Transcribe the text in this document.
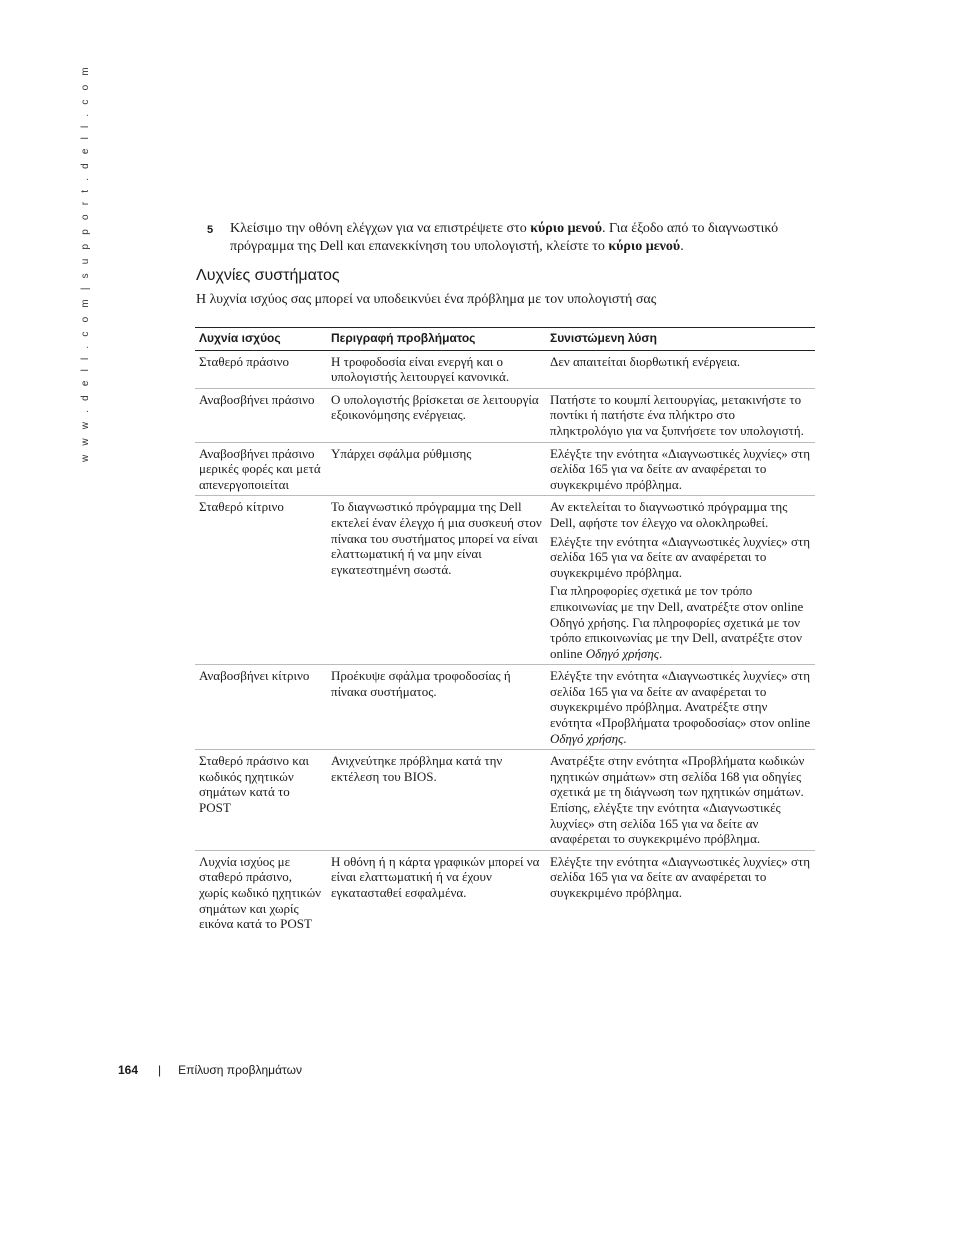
w w w . d e l l . c o m | s u p p o r t . d e l l . c o m	5 Κλείσιμο την οθόνη ελέγχων για να επιστρέψετε στο κύριο μενού. Για έξοδο από το διαγνωστικό πρόγραμμα της Dell και επανεκκίνηση του υπολογιστή, κλείστε το κύριο μενού.
Λυχνίες συστήματος
Η λυχνία ισχύος σας μπορεί να υποδεικνύει ένα πρόβλημα με τον υπολογιστή σας
Λυχνία ισχύος	Περιγραφή προβλήματος	Συνιστώμενη λύση
Σταθερό πράσινο	Η τροφοδοσία είναι ενεργή και ο υπολογιστής λειτουργεί κανονικά.	Δεν απαιτείται διορθωτική ενέργεια.

Αναβοσβήνει πράσινο	Ο υπολογιστής βρίσκεται σε λειτουργία εξοικονόμησης ενέργειας.	Πατήστε το κουμπί λειτουργίας, μετακινήστε το ποντίκι ή πατήστε ένα πλήκτρο στο πληκτρολόγιο για να ξυπνήσετε τον υπολογιστή.

Αναβοσβήνει πράσινο μερικές φορές και μετά απενεργοποιείται	Υπάρχει σφάλμα ρύθμισης	Ελέγξτε την ενότητα «Διαγνωστικές λυχνίες» στη σελίδα 165 για να δείτε αν αναφέρεται το συγκεκριμένο πρόβλημα.

Σταθερό κίτρινο	Το διαγνωστικό πρόγραμμα της Dell εκτελεί έναν έλεγχο ή μια συσκευή στον πίνακα του συστήματος μπορεί να είναι ελαττωματική ή να μην είναι εγκατεστημένη σωστά.	Αν εκτελείται το διαγνωστικό πρόγραμμα της Dell, αφήστε τον έλεγχο να ολοκληρωθεί.
Ελέγξτε την ενότητα «Διαγνωστικές λυχνίες» στη σελίδα 165 για να δείτε αν αναφέρεται το συγκεκριμένο πρόβλημα.
Για πληροφορίες σχετικά με τον τρόπο επικοινωνίας με την Dell, ανατρέξτε στον online Οδηγό χρήσης. Για πληροφορίες σχετικά με τον τρόπο επικοινωνίας με την Dell, ανατρέξτε στον online Οδηγό χρήσης.

Αναβοσβήνει κίτρινο	Προέκυψε σφάλμα τροφοδοσίας ή πίνακα συστήματος.	Ελέγξτε την ενότητα «Διαγνωστικές λυχνίες» στη σελίδα 165 για να δείτε αν αναφέρεται το συγκεκριμένο πρόβλημα. Ανατρέξτε στην ενότητα «Προβλήματα τροφοδοσίας» στον online Οδηγό χρήσης.

Σταθερό πράσινο και κωδικός ηχητικών σημάτων κατά το POST	Ανιχνεύτηκε πρόβλημα κατά την εκτέλεση του BIOS.	Ανατρέξτε στην ενότητα «Προβλήματα κωδικών ηχητικών σημάτων» στη σελίδα 168 για οδηγίες σχετικά με τη διάγνωση των ηχητικών σημάτων. Επίσης, ελέγξτε την ενότητα «Διαγνωστικές λυχνίες» στη σελίδα 165 για να δείτε αν αναφέρεται το συγκεκριμένο πρόβλημα.

Λυχνία ισχύος με σταθερό πράσινο, χωρίς κωδικό ηχητικών σημάτων και χωρίς εικόνα κατά το POST	Η οθόνη ή η κάρτα γραφικών μπορεί να είναι ελαττωματική ή να έχουν εγκατασταθεί εσφαλμένα.	Ελέγξτε την ενότητα «Διαγνωστικές λυχνίες» στη σελίδα 165 για να δείτε αν αναφέρεται το συγκεκριμένο πρόβλημα.
164 | Επίλυση προβλημάτων
